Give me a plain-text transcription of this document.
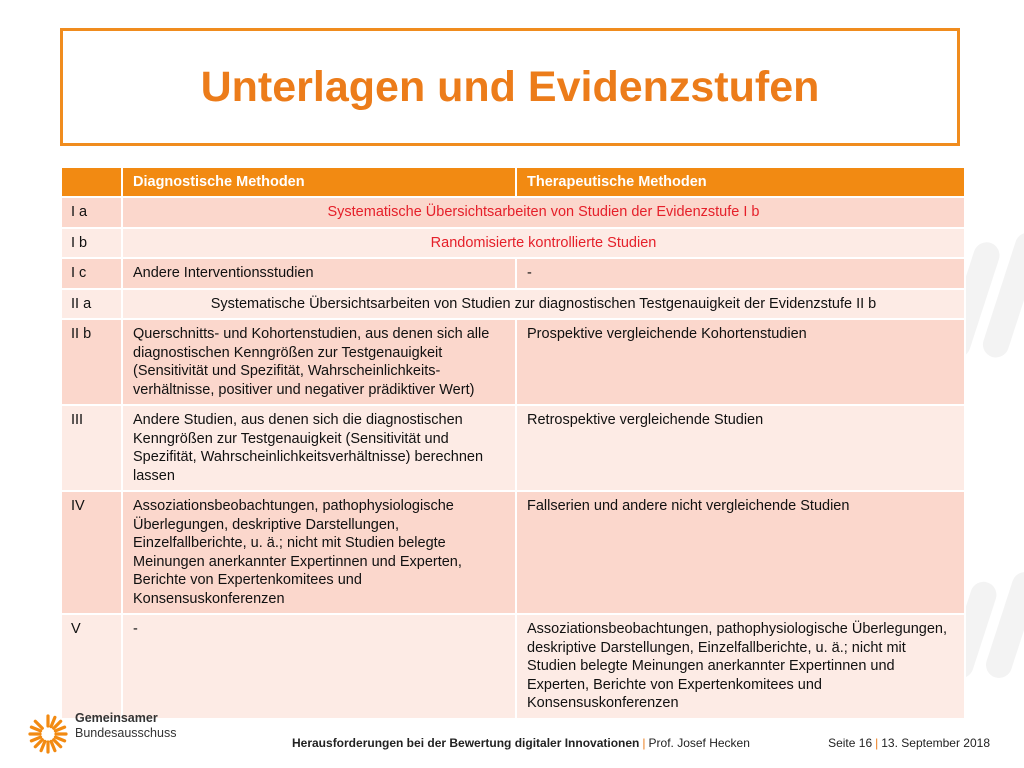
Unterlagen und Evidenzstufen
	Diagnostische Methoden	Therapeutische Methoden
I a	Systematische Übersichtsarbeiten von Studien der Evidenzstufe I b	
I b	Randomisierte kontrollierte Studien	
I c	Andere Interventionsstudien	-
II a	Systematische Übersichtsarbeiten von Studien zur diagnostischen Testgenauigkeit der Evidenzstufe II b	
II b	Querschnitts- und Kohortenstudien, aus denen sich alle diagnostischen Kenngrößen zur Testgenauigkeit (Sensitivität und Spezifität, Wahrscheinlichkeits-verhältnisse, positiver und negativer prädiktiver Wert)	Prospektive vergleichende Kohortenstudien
III	Andere Studien, aus denen sich die diagnostischen Kenngrößen zur Testgenauigkeit (Sensitivität und Spezifität, Wahrscheinlichkeitsverhältnisse) berechnen lassen	Retrospektive vergleichende Studien
IV	Assoziationsbeobachtungen, pathophysiologische Überlegungen, deskriptive Darstellungen, Einzelfallberichte, u. ä.; nicht mit Studien belegte Meinungen anerkannter Expertinnen und Experten, Berichte von Expertenkomitees und Konsensuskonferenzen	Fallserien und andere nicht vergleichende Studien
V	-	Assoziationsbeobachtungen, pathophysiologische Überlegungen, deskriptive Darstellungen, Einzelfallberichte, u. ä.; nicht mit Studien belegte Meinungen anerkannter Expertinnen und Experten, Berichte von Expertenkomitees und Konsensuskonferenzen
Gemeinsamer
Bundesausschuss
Herausforderungen bei der Bewertung digitaler Innovationen | Prof. Josef Hecken	Seite 16 | 13. September 2018
